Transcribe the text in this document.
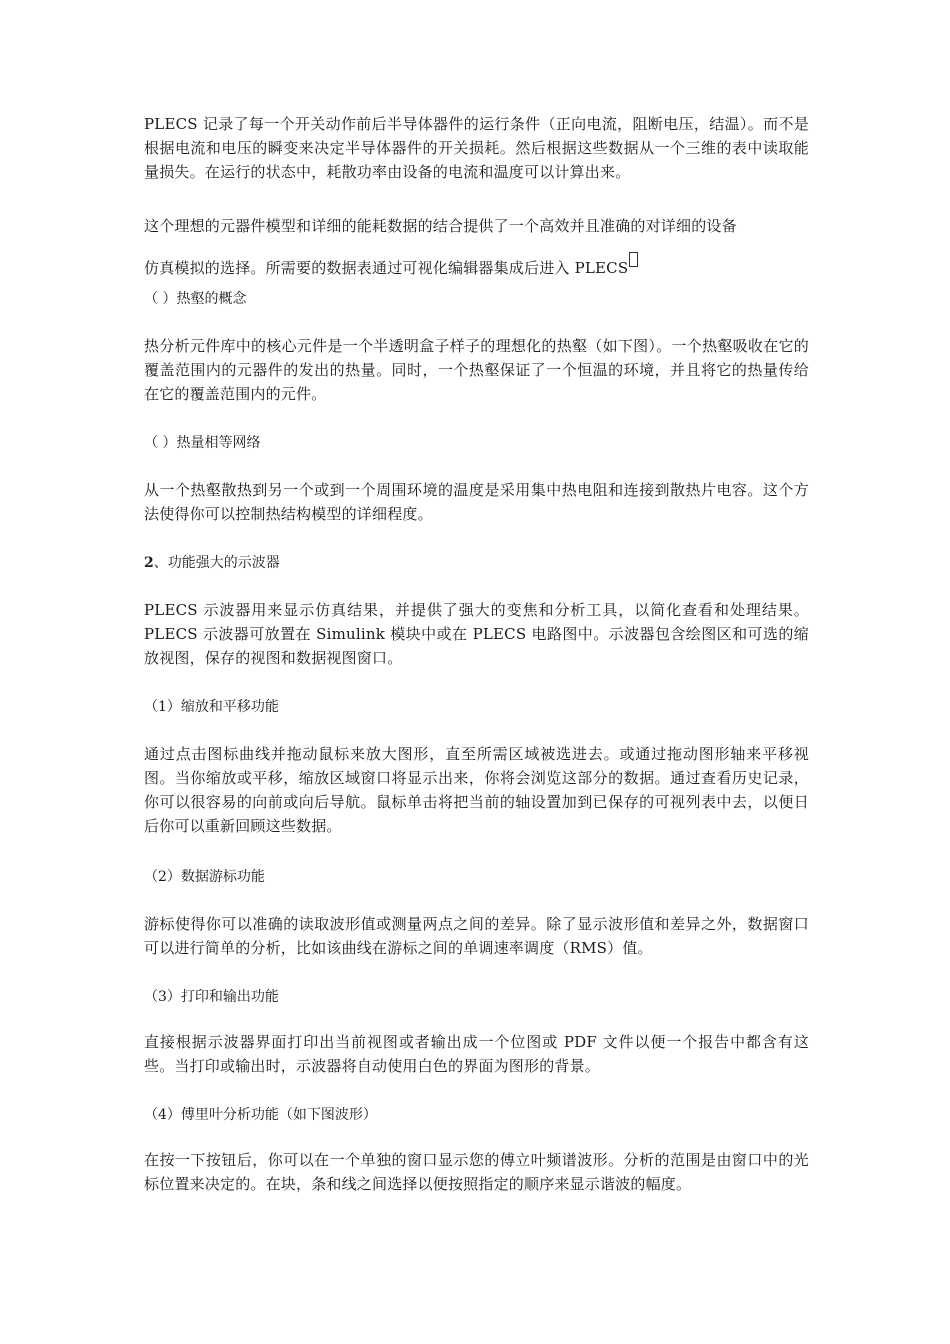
PLECS 记录了每一个开关动作前后半导体器件的运行条件（正向电流，阻断电压，结温）。而不是根据电流和电压的瞬变来决定半导体器件的开关损耗。然后根据这些数据从一个三维的表中读取能量损失。在运行的状态中，耗散功率由设备的电流和温度可以计算出来。

这个理想的元器件模型和详细的能耗数据的结合提供了一个高效并且准确的对详细的设备

仿真模拟的选择。所需要的数据表通过可视化编辑器集成后进入 PLECS

（ ）热壑的概念

热分析元件库中的核心元件是一个半透明盒子样子的理想化的热壑（如下图）。一个热壑吸收在它的覆盖范围内的元器件的发出的热量。同时，一个热壑保证了一个恒温的环境，并且将它的热量传给在它的覆盖范围内的元件。

（ ）热量相等网络

从一个热壑散热到另一个或到一个周围环境的温度是采用集中热电阻和连接到散热片电容。这个方法使得你可以控制热结构模型的详细程度。

2、功能强大的示波器

PLECS 示波器用来显示仿真结果，并提供了强大的变焦和分析工具，以简化查看和处理结果。PLECS 示波器可放置在 Simulink 模块中或在 PLECS 电路图中。示波器包含绘图区和可选的缩放视图，保存的视图和数据视图窗口。

（1）缩放和平移功能

通过点击图标曲线并拖动鼠标来放大图形，直至所需区域被选进去。或通过拖动图形轴来平移视图。当你缩放或平移，缩放区域窗口将显示出来，你将会浏览这部分的数据。通过查看历史记录，你可以很容易的向前或向后导航。鼠标单击将把当前的轴设置加到已保存的可视列表中去，以便日后你可以重新回顾这些数据。

（2）数据游标功能

游标使得你可以准确的读取波形值或测量两点之间的差异。除了显示波形值和差异之外，数据窗口可以进行简单的分析，比如该曲线在游标之间的单调速率调度（RMS）值。

（3）打印和输出功能

直接根据示波器界面打印出当前视图或者输出成一个位图或 PDF 文件以便一个报告中都含有这些。当打印或输出时，示波器将自动使用白色的界面为图形的背景。

（4）傅里叶分析功能（如下图波形）

在按一下按钮后，你可以在一个单独的窗口显示您的傅立叶频谱波形。分析的范围是由窗口中的光标位置来决定的。在块，条和线之间选择以便按照指定的顺序来显示谐波的幅度。
